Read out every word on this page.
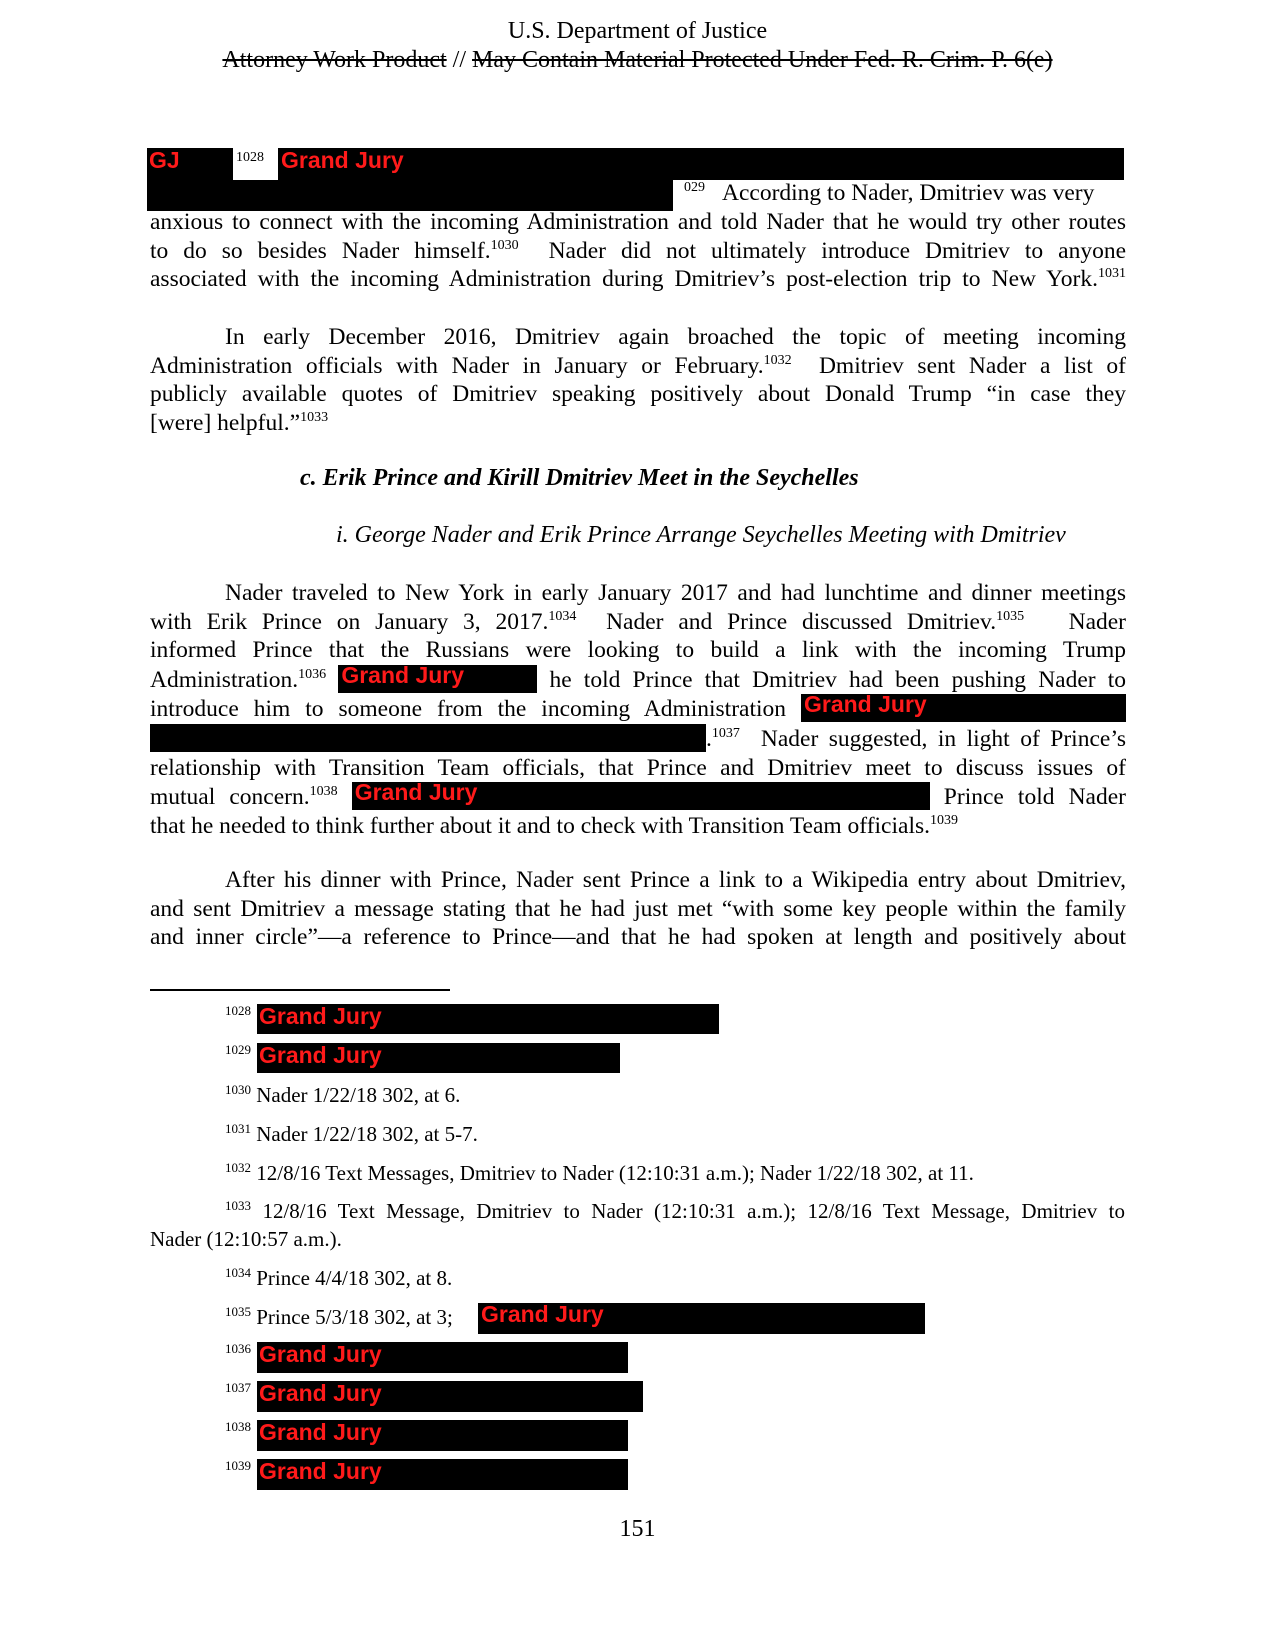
U.S. Department of Justice
Attorney Work Product // May Contain Material Protected Under Fed. R. Crim. P. 6(e)
GJ	1028 Grand Jury
029 According to Nader, Dmitriev was very
anxious to connect with the incoming Administration and told Nader that he would try other routes
to do so besides Nader himself.$^{1030}$ Nader did not ultimately introduce Dmitriev to anyone
associated with the incoming Administration during Dmitriev’s post-election trip to New York.$^{1031}$
In early December 2016, Dmitriev again broached the topic of meeting incoming
Administration officials with Nader in January or February.$^{1032}$ Dmitriev sent Nader a list of
publicly available quotes of Dmitriev speaking positively about Donald Trump “in case they
[were] helpful.”$^{1033}$
c. Erik Prince and Kirill Dmitriev Meet in the Seychelles
i. George Nader and Erik Prince Arrange Seychelles Meeting with Dmitriev
Nader traveled to New York in early January 2017 and had lunchtime and dinner meetings
with Erik Prince on January 3, 2017.$^{1034}$ Nader and Prince discussed Dmitriev.$^{1035}$ Nader
informed Prince that the Russians were looking to build a link with the incoming Trump
Administration.$^{1036}$ Grand Jury	he told Prince that Dmitriev had been pushing Nader to
introduce him to someone from the incoming Administration Grand Jury
.$^{1037}$ Nader suggested, in light of Prince’s
relationship with Transition Team officials, that Prince and Dmitriev meet to discuss issues of
mutual concern.$^{1038}$ Grand Jury	Prince told Nader
that he needed to think further about it and to check with Transition Team officials.$^{1039}$
After his dinner with Prince, Nader sent Prince a link to a Wikipedia entry about Dmitriev,
and sent Dmitriev a message stating that he had just met “with some key people within the family
and inner circle”—a reference to Prince—and that he had spoken at length and positively about
1028 Grand Jury
1029 Grand Jury
$^{1030}$ Nader 1/22/18 302, at 6.
$^{1031}$ Nader 1/22/18 302, at 5-7.
$^{1032}$ 12/8/16 Text Messages, Dmitriev to Nader (12:10:31 a.m.); Nader 1/22/18 302, at 11.
$^{1033}$ 12/8/16 Text Message, Dmitriev to Nader (12:10:31 a.m.); 12/8/16 Text Message, Dmitriev to
Nader (12:10:57 a.m.).
$^{1034}$ Prince 4/4/18 302, at 8.
$^{1035}$ Prince 5/3/18 302, at 3; Grand Jury
1036 Grand Jury
1037 Grand Jury
1038 Grand Jury
1039 Grand Jury
151
